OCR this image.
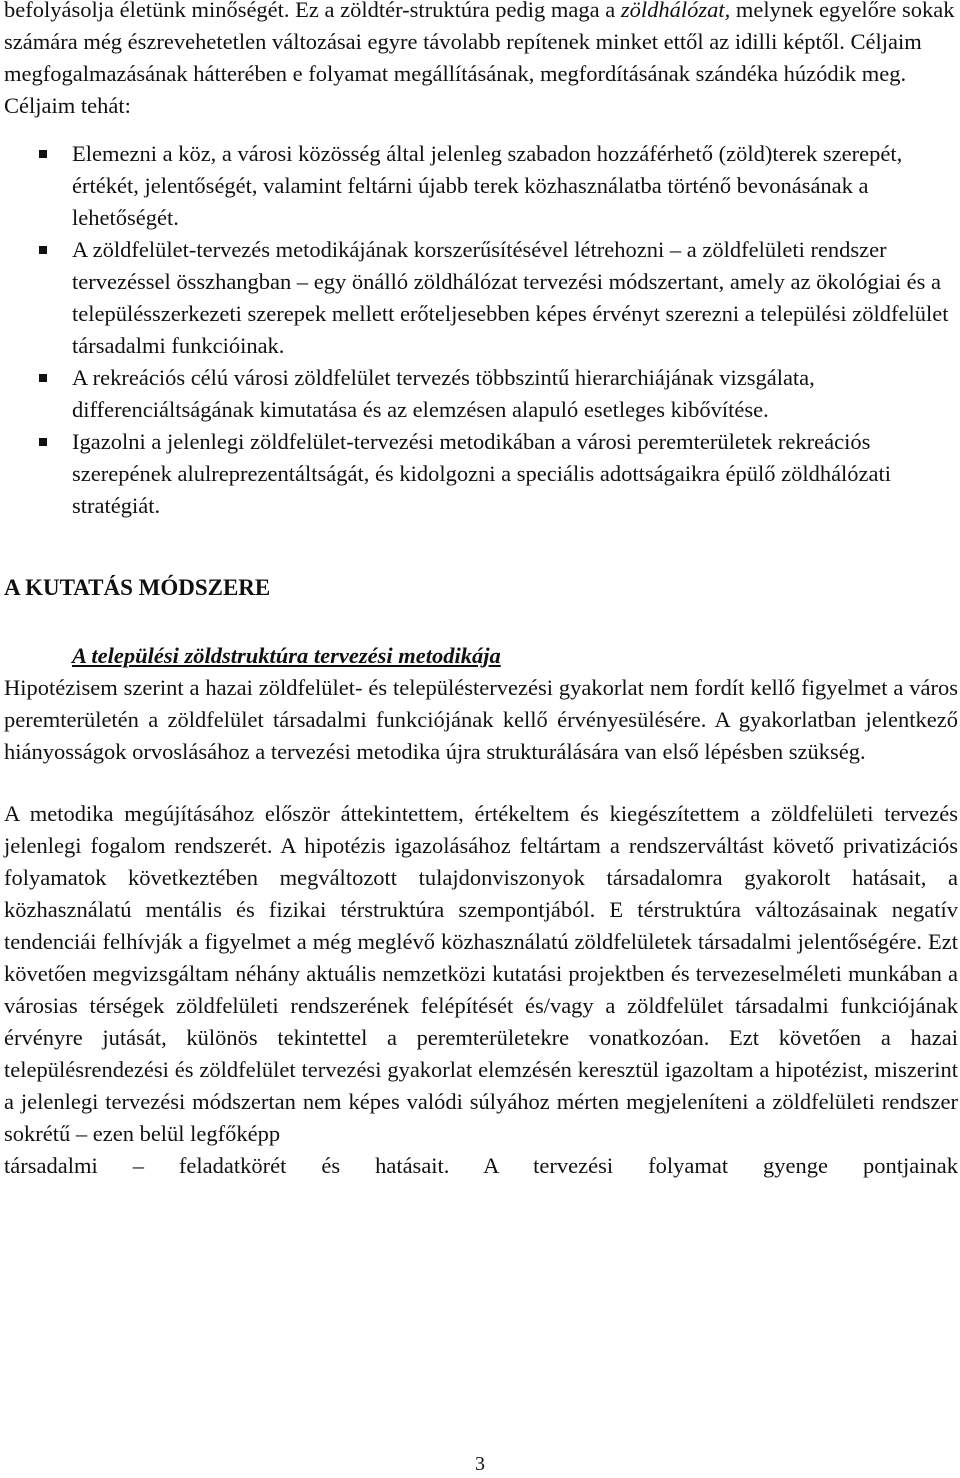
befolyásolja életünk minőségét. Ez a zöldtér-struktúra pedig maga a zöldhálózat, melynek egyelőre sokak számára még észrevehetetlen változásai egyre távolabb repítenek minket ettől az idilli képtől. Céljaim megfogalmazásának hátterében e folyamat megállításának, megfordításának szándéka húzódik meg. Céljaim tehát:

Elemezni a köz, a városi közösség által jelenleg szabadon hozzáférhető (zöld)terek szerepét, értékét, jelentőségét, valamint feltárni újabb terek közhasználatba történő bevonásának a lehetőségét.
A zöldfelület-tervezés metodikájának korszerűsítésével létrehozni – a zöldfelületi rendszer tervezéssel összhangban – egy önálló zöldhálózat tervezési módszertant, amely az ökológiai és a településszerkezeti szerepek mellett erőteljesebben képes érvényt szerezni a települési zöldfelület társadalmi funkcióinak.
A rekreációs célú városi zöldfelület tervezés többszintű hierarchiájának vizsgálata, differenciáltságának kimutatása és az elemzésen alapuló esetleges kibővítése.
Igazolni a jelenlegi zöldfelület-tervezési metodikában a városi peremterületek rekreációs szerepének alulreprezentáltságát, és kidolgozni a speciális adottságaikra épülő zöldhálózati stratégiát.
A KUTATÁS MÓDSZERE
A települési zöldstruktúra tervezési metodikája

Hipotézisem szerint a hazai zöldfelület- és településtervezési gyakorlat nem fordít kellő figyelmet a város peremterületén a zöldfelület társadalmi funkciójának kellő érvényesülésére. A gyakorlatban jelentkező hiányosságok orvoslásához a tervezési metodika újra strukturálására van első lépésben szükség.

A metodika megújításához először áttekintettem, értékeltem és kiegészítettem a zöldfelületi tervezés jelenlegi fogalom rendszerét. A hipotézis igazolásához feltártam a rendszerváltást követő privatizációs folyamatok következtében megváltozott tulajdonviszonyok társadalomra gyakorolt hatásait, a közhasználatú mentális és fizikai térstruktúra szempontjából. E térstruktúra változásainak negatív tendenciái felhívják a figyelmet a még meglévő közhasználatú zöldfelületek társadalmi jelentőségére. Ezt követően megvizsgáltam néhány aktuális nemzetközi kutatási projektben és tervezeselméleti munkában a városias térségek zöldfelületi rendszerének felépítését és/vagy a zöldfelület társadalmi funkciójának érvényre jutását, különös tekintettel a peremterületekre vonatkozóan. Ezt követően a hazai településrendezési és zöldfelület tervezési gyakorlat elemzésén keresztül igazoltam a hipotézist, miszerint a jelenlegi tervezési módszertan nem képes valódi súlyához mérten megjeleníteni a zöldfelületi rendszer sokrétű – ezen belül legfőképp

társadalmi – feladatkörét és hatásait. A tervezési folyamat gyenge pontjainak

3
